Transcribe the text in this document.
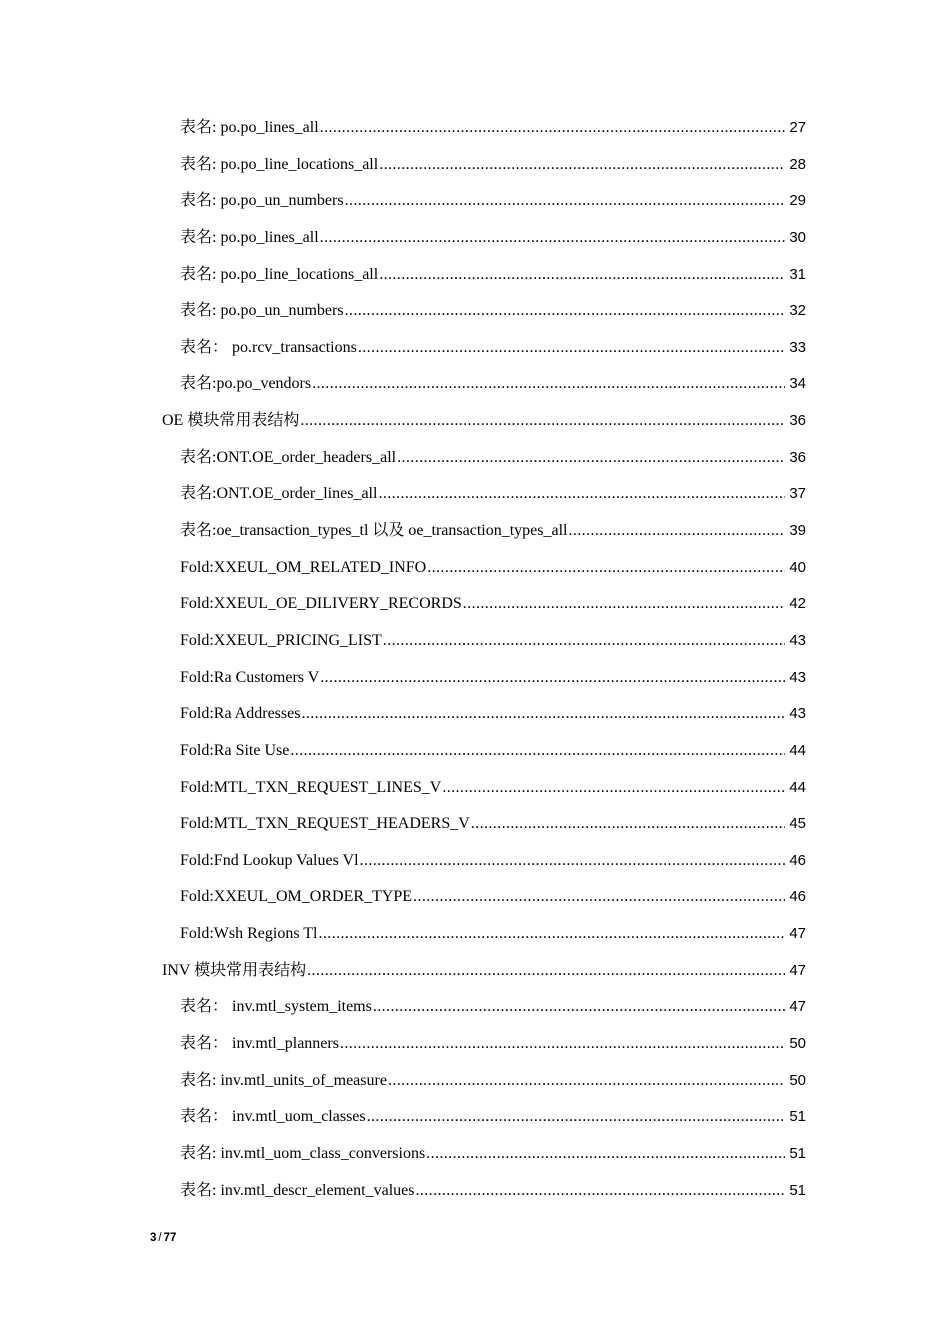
表名: po.po_lines_all .....	27
表名: po.po_line_locations_all .....	28
表名: po.po_un_numbers .....	29
表名: po.po_lines_all .....	30
表名: po.po_line_locations_all .....	31
表名: po.po_un_numbers .....	32
表名： po.rcv_transactions .....	33
表名:po.po_vendors .....	34
OE 模块常用表结构 .....	36
表名:ONT.OE_order_headers_all .....	36
表名:ONT.OE_order_lines_all .....	37
表名:oe_transaction_types_tl 以及 oe_transaction_types_all .....	39
Fold:XXEUL_OM_RELATED_INFO .....	40
Fold:XXEUL_OE_DILIVERY_RECORDS .....	42
Fold:XXEUL_PRICING_LIST .....	43
Fold:Ra Customers V .....	43
Fold:Ra Addresses .....	43
Fold:Ra Site Use .....	44
Fold:MTL_TXN_REQUEST_LINES_V .....	44
Fold:MTL_TXN_REQUEST_HEADERS_V .....	45
Fold:Fnd Lookup Values Vl .....	46
Fold:XXEUL_OM_ORDER_TYPE .....	46
Fold:Wsh Regions Tl .....	47
INV 模块常用表结构 .....	47
表名： inv.mtl_system_items .....	47
表名： inv.mtl_planners .....	50
表名: inv.mtl_units_of_measure .....	50
表名： inv.mtl_uom_classes .....	51
表名: inv.mtl_uom_class_conversions .....	51
表名: inv.mtl_descr_element_values .....	51
3 / 77
